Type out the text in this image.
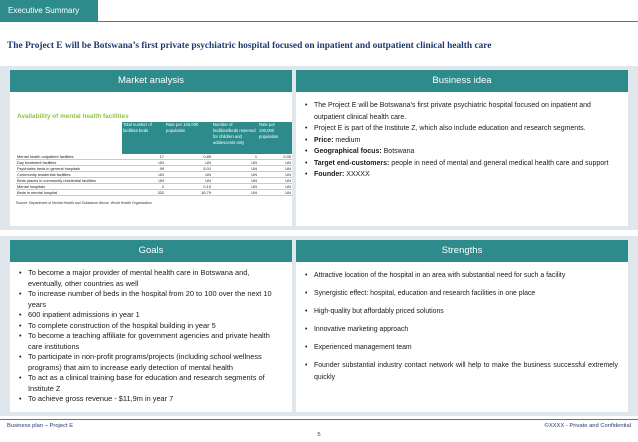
Executive Summary
The Project E will be Botswana’s first private psychiatric hospital focused on inpatient and outpatient clinical health care
Market analysis
Availability of mental health facilities
	Total number of facilities beds	Rate per 100,000 population	Number of facilities/beds reserved for children and adolescents only	Rate per 100,000 population
Mental health outpatient facilities	17	0.85	1	0.05
Day treatment facilities	UN	UN	UN	UN
Psychiatric beds in general hospitals	99	5.01	UN	UN
Community residential facilities	UN	UN	UN	UN
Beds places in community residential facilities	UN	UN	UN	UN
Mental hospitals	2	0.10	UN	UN
Beds in mental hospital	332	16.79	UN	UN
Source: Department of Mental Health and Substance Abuse, World Health Organization
Business idea
• The Project E will be Botswana’s first private psychiatric hospital focused on inpatient and outpatient clinical health care.
• Project E is part of the Institute Z, which also include education and research segments.
• Price: medium
• Geographical focus: Botswana
• Target end-customers: people in need of mental and general medical health care and support
• Founder: XXXXX
Goals
• To become a major provider of mental health care in Botswana and, eventually, other countries as well
• To increase number of beds in the hospital from 20 to 100 over the next 10 years
• 600 inpatient admissions in year 1
• To complete construction of the hospital building in year 5
• To become a teaching affiliate for government agencies and private health care institutions
• To participate in non-profit programs/projects (including school wellness programs) that aim to increase early detection of mental health
• To act as a clinical training base for education and research segments of Institute Z
• To achieve gross revenue - $11,9m in year 7
Strengths
• Attractive location of the hospital in an area with substantial need for such a facility
• Synergistic effect: hospital, education and research facilities in one place
• High-quality but affordably priced solutions
• Innovative marketing approach
• Experienced management team
• Founder substantial industry contact network will help to make the business successful extremely quickly
Business plan – Project E	©XXXX - Private and Confidential
5
